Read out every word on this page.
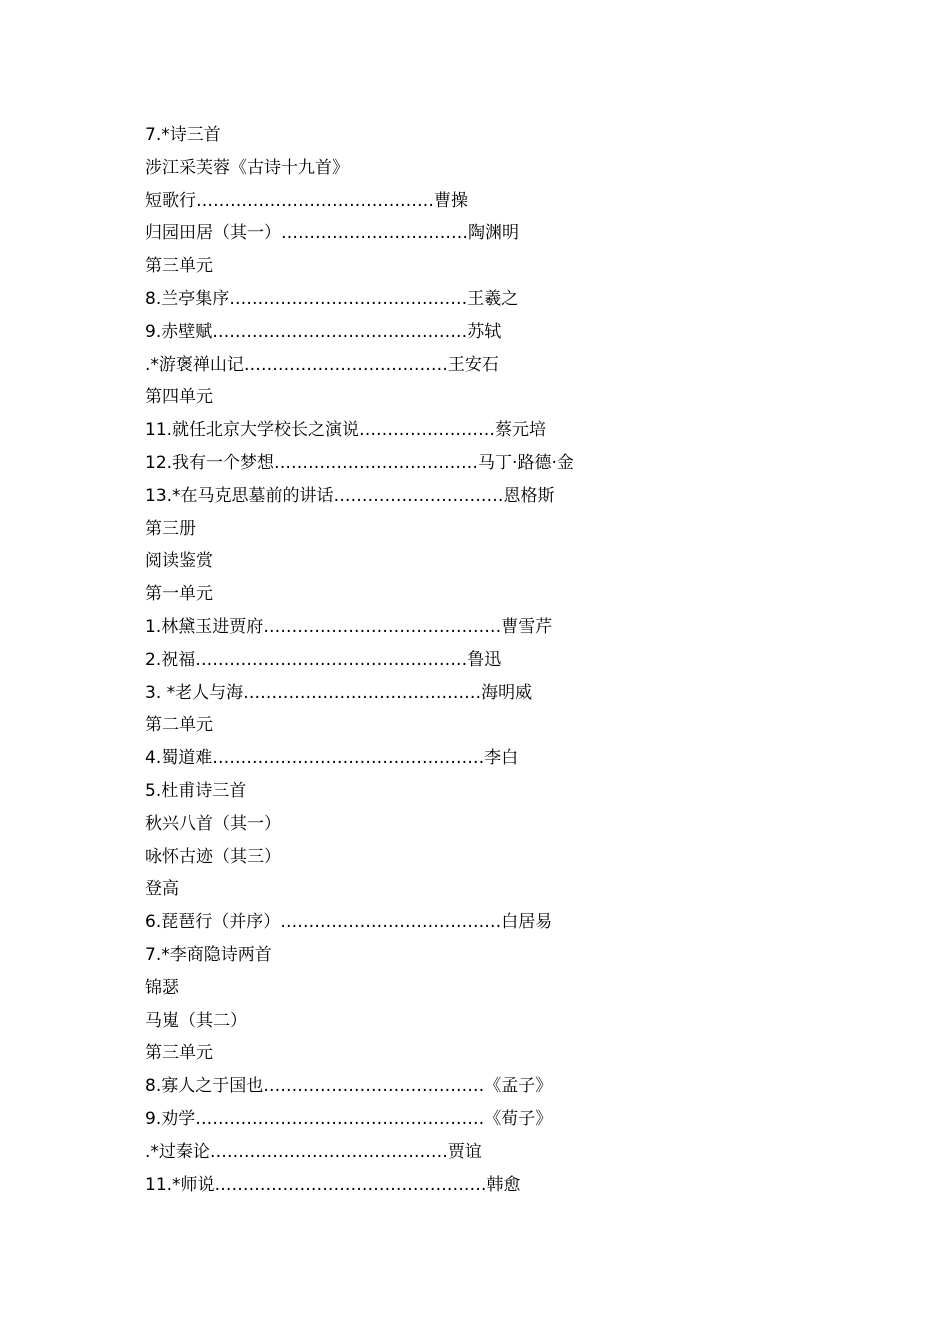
7.*诗三首
涉江采芙蓉《古诗十九首》
短歌行……………………………………曹操
归园田居（其一）……………………………陶渊明
第三单元
8.兰亭集序……………………………………王羲之
9.赤壁赋………………………………………苏轼
.*游褒禅山记………………………………王安石
第四单元
11.就任北京大学校长之演说……………………蔡元培
12.我有一个梦想………………………………马丁·路德·金
13.*在马克思墓前的讲话…………………………恩格斯
第三册
阅读鉴赏
第一单元
1.林黛玉进贾府……………………………………曹雪芹
2.祝福…………………………………………鲁迅
3. *老人与海……………………………………海明威
第二单元
4.蜀道难…………………………………………李白
5.杜甫诗三首
秋兴八首（其一）
咏怀古迹（其三）
登高
6.琵琶行（并序）…………………………………白居易
7.*李商隐诗两首
锦瑟
马嵬（其二）
第三单元
8.寡人之于国也…………………………………《孟子》
9.劝学……………………………………………《荀子》
.*过秦论……………………………………贾谊
11.*师说…………………………………………韩愈
